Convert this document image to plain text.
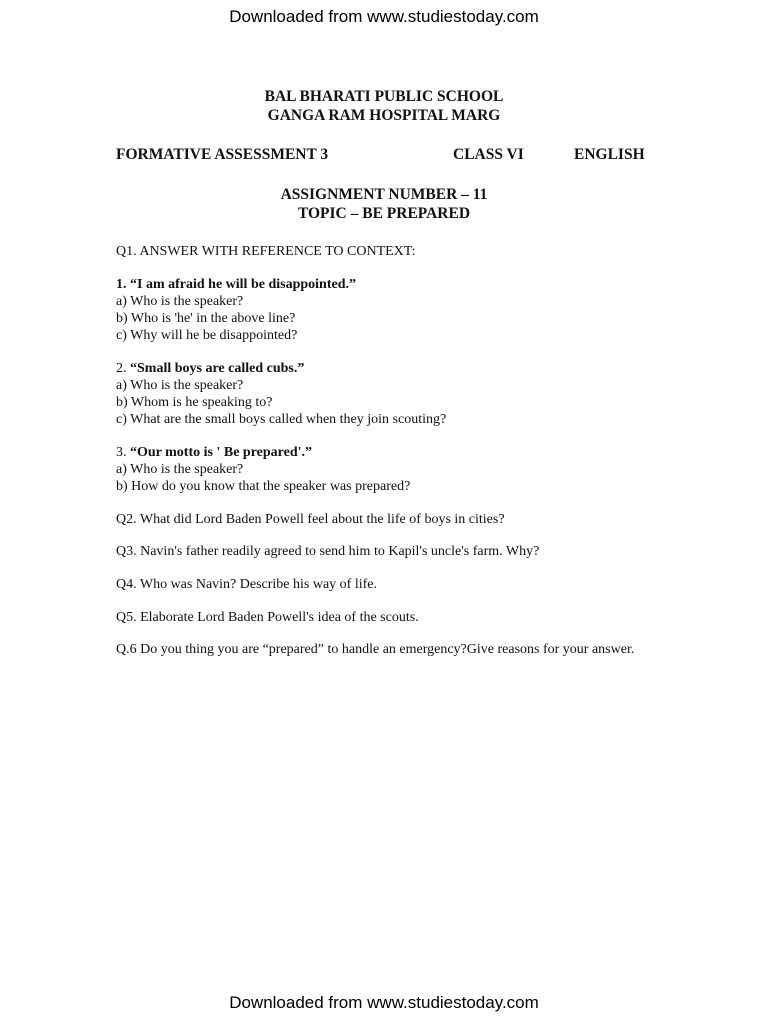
Downloaded from www.studiestoday.com
BAL BHARATI PUBLIC SCHOOL
GANGA RAM HOSPITAL MARG
FORMATIVE ASSESSMENT 3	CLASS VI	ENGLISH
ASSIGNMENT NUMBER – 11
TOPIC – BE PREPARED
Q1. ANSWER WITH REFERENCE TO CONTEXT:
1. “I am afraid he will be disappointed.”
a) Who is the speaker?
b) Who is 'he' in the above line?
c) Why will he be disappointed?
2. “Small boys are called cubs.”
a) Who is the speaker?
b) Whom is he speaking to?
c) What are the small boys called when they join scouting?
3. “Our motto is ' Be prepared'.”
a) Who is the speaker?
b) How do you know that the speaker was prepared?
Q2. What did Lord Baden Powell feel about the life of boys in cities?
Q3. Navin's father readily agreed to send him to Kapil's uncle's farm. Why?
Q4. Who was Navin? Describe his way of life.
Q5. Elaborate Lord Baden Powell's idea of the scouts.
Q.6 Do you thing you are “prepared” to handle an emergency?Give reasons for your answer.
Downloaded from www.studiestoday.com
